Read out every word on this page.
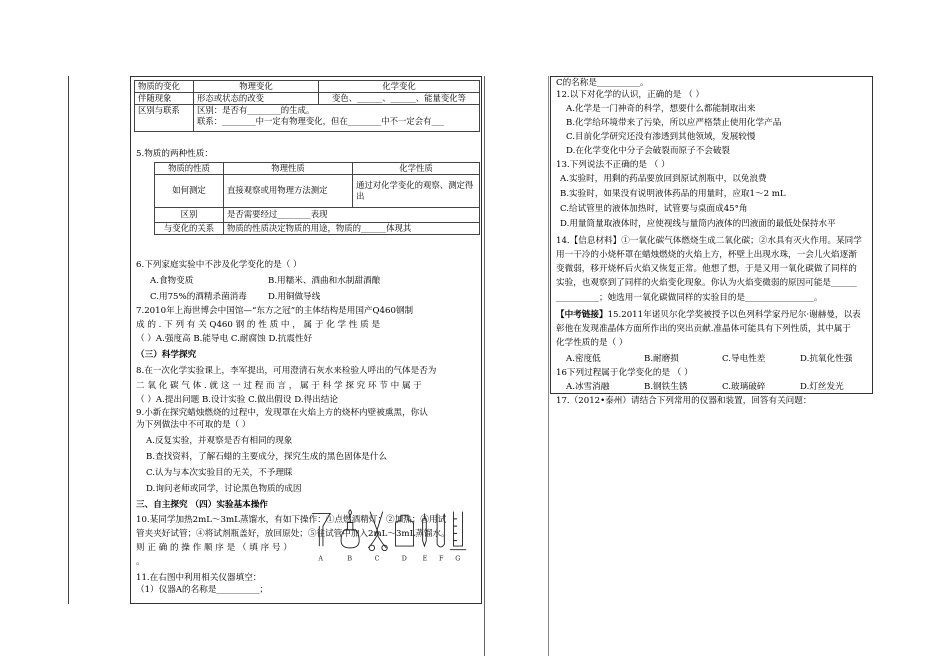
物质的变化	物理变化	化学变化
伴随现象	形态或状态的改变	变色、______、______、能量变化等
区别与联系	区别：是否有________的生成。
联系：________中一定有物理变化，但在________中不一定会有___	
5.物质的两种性质：
物质的性质	物理性质	化学性质
如何测定	直接观察或用物理方法测定	通过对化学变化的观察、测定得出
区别	是否需要经过________表现	
与变化的关系	物质的性质决定物质的用途，物质的______体现其	
6.下列家庭实验中不涉及化学变化的是（ ）
A.食物变质	B.用糯米、酒曲和水制甜酒酿
C.用75%的酒精杀菌消毒 D.用铜做导线
7.2010年上海世博会中国馆—“东方之冠”的主体结构是用国产Q460钢制
成 的 . 下 列 有 关 Q460 钢 的 性 质 中 ， 属 于 化 学 性 质 是
（ ）A.强度高 B.能导电 C.耐腐蚀 D.抗震性好
（三）科学探究
8.在一次化学实验课上，李军提出，可用澄清石灰水来检验人呼出的气体是否为
二 氧 化 碳 气 体 . 就 这 一 过 程 而 言 ， 属 于 科 学 探 究 环 节 中 属 于
（ ）A.提出问题 B.设计实验 C.做出假设 D.得出结论
9.小新在探究蜡烛燃烧的过程中，发现罩在火焰上方的烧杯内壁被熏黑，你认
为下列做法中不可取的是（ ）
A.反复实验，并观察是否有相同的现象
B.查找资料，了解石蜡的主要成分，探究生成的黑色固体是什么
C.认为与本次实验目的无关，不予理睬
D.询问老师或同学，讨论黑色物质的成因
三、自主探究 （四）实验基本操作
10.某同学加热2mL～3mL蒸馏水，有如下操作：①点燃酒精灯；②加热；③用试
管夹夹好试管；④将试剂瓶盖好，放回原处；⑤往试管中加入2mL～3mL蒸馏水。
则 正 确 的 操 作 顺 序 是 （ 填 序 号 ）
。
11.在右图中利用相关仪器填空：
（1）仪器A的名称是__________；
A	B	C	D E F G
C的名称是__________。
12.以下对化学的认识，正确的是 （ ）
A.化学是一门神奇的科学，想要什么都能制取出来
B.化学给环境带来了污染，所以应严格禁止使用化学产品
C.目前化学研究还没有渗透到其他领域，发展较慢
D.在化学变化中分子会破裂而原子不会破裂
13.下列说法不正确的是 （ ）
A.实验时，用剩的药品要放回到原试剂瓶中，以免浪费
B.实验时，如果没有说明液体药品的用量时，应取1～2 mL
C.给试管里的液体加热时，试管要与桌面成45°角
D.用量筒量取液体时，应使视线与量筒内液体的凹液面的最低处保持水平
14.【信息材料】①一氧化碳气体燃烧生成二氧化碳；②水具有灭火作用。某同学
用一干冷的小烧杯罩在蜡烛燃烧的火焰上方，杯壁上出现水珠，一会儿火焰逐渐
变微弱，移开烧杯后火焰又恢复正常。他想了想，于是又用一氧化碳做了同样的
实验，也观察到了同样的火焰变化现象。你认为火焰变微弱的原因可能是______
__________；她选用一氧化碳做同样的实验目的是________________。
【中考链接】15.2011年诺贝尔化学奖被授予以色列科学家丹尼尔·谢赫曼，以表
彰他在发现准晶体方面所作出的突出贡献.准晶体可能具有下列性质，其中属于
化学性质的是（ ）
A.密度低	B.耐磨损	C.导电性差	D.抗氧化性强
16下列过程属于化学变化的是 （ ）
A.冰雪消融	B.钢铁生锈	C.玻璃破碎	D.灯丝发光
17.（2012•泰州）请结合下列常用的仪器和装置，回答有关问题：
